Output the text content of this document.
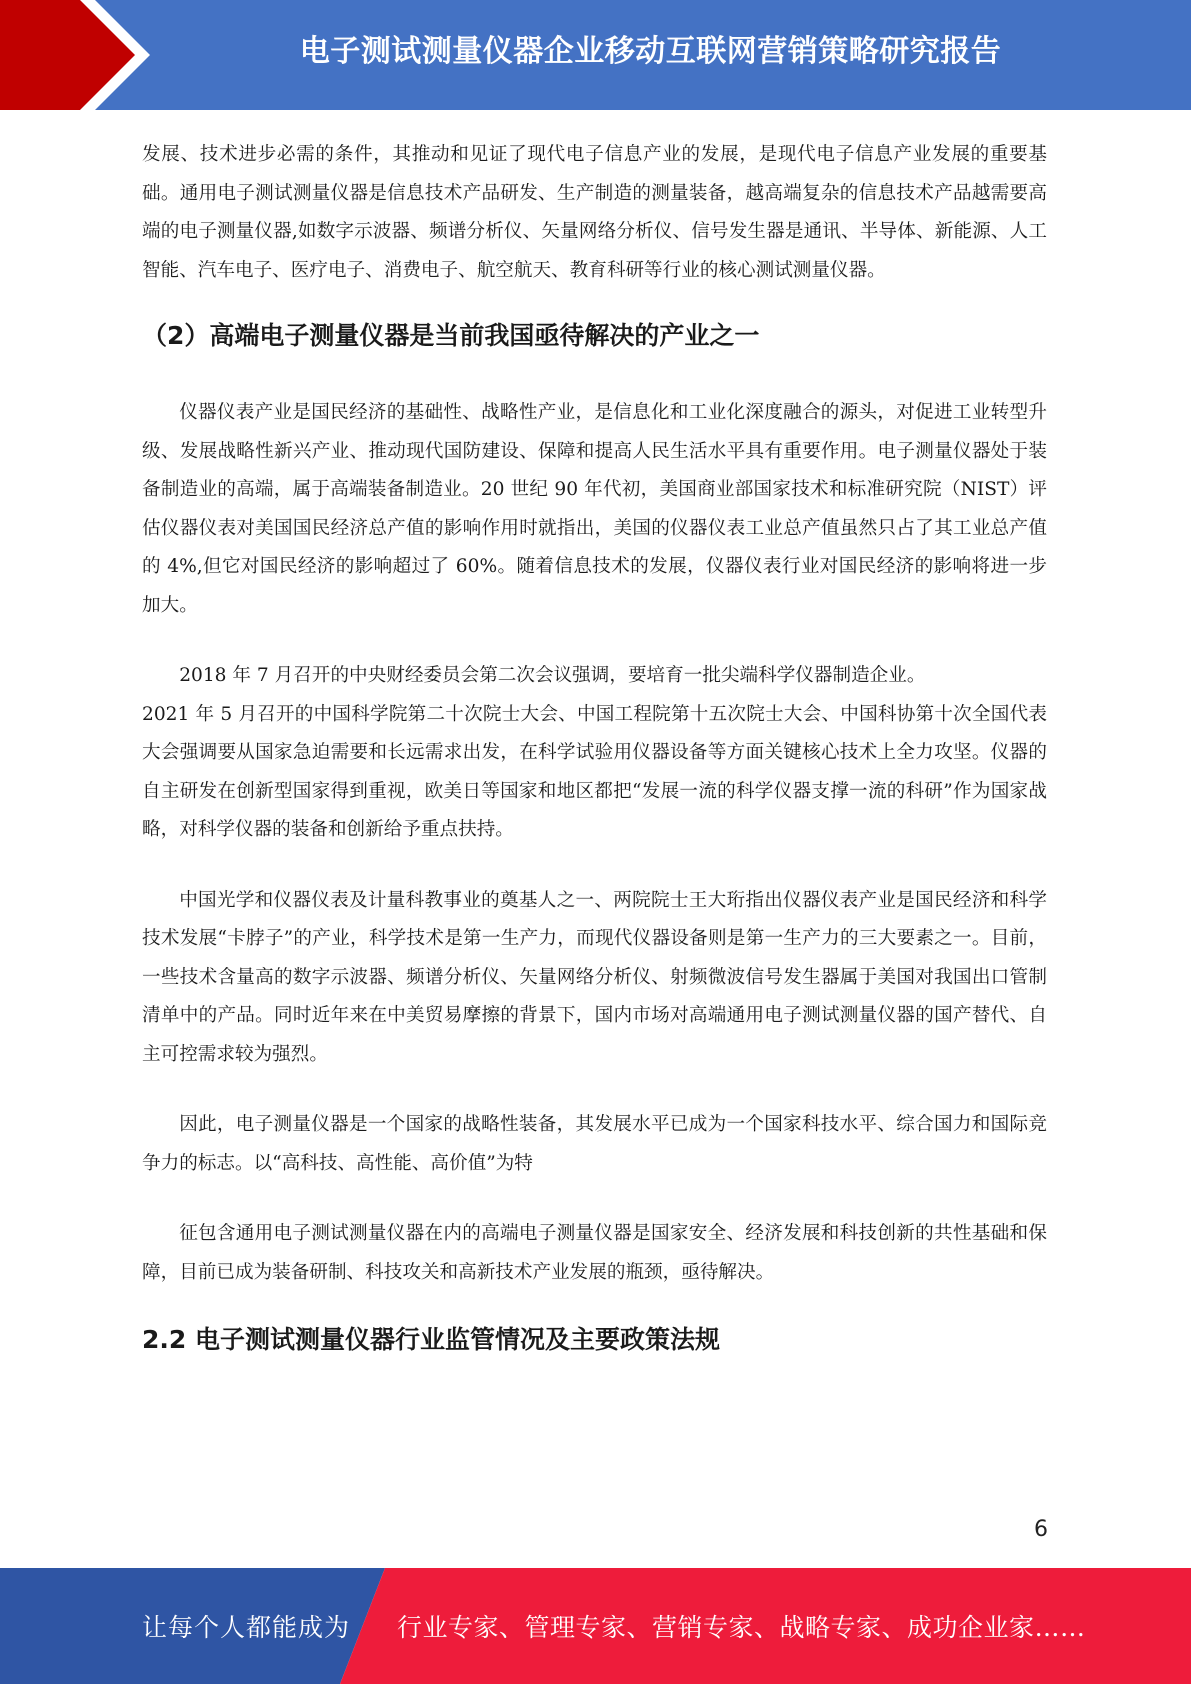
电子测试测量仪器企业移动互联网营销策略研究报告

发展、技术进步必需的条件，其推动和见证了现代电子信息产业的发展，是现代电子信息产业发展的重要基础。通用电子测试测量仪器是信息技术产品研发、生产制造的测量装备，越高端复杂的信息技术产品越需要高端的电子测量仪器,如数字示波器、频谱分析仪、矢量网络分析仪、信号发生器是通讯、半导体、新能源、人工智能、汽车电子、医疗电子、消费电子、航空航天、教育科研等行业的核心测试测量仪器。

（2）高端电子测量仪器是当前我国亟待解决的产业之一

仪器仪表产业是国民经济的基础性、战略性产业，是信息化和工业化深度融合的源头，对促进工业转型升级、发展战略性新兴产业、推动现代国防建设、保障和提高人民生活水平具有重要作用。电子测量仪器处于装备制造业的高端，属于高端装备制造业。20 世纪 90 年代初，美国商业部国家技术和标准研究院（NIST）评估仪器仪表对美国国民经济总产值的影响作用时就指出，美国的仪器仪表工业总产值虽然只占了其工业总产值的 4%,但它对国民经济的影响超过了 60%。随着信息技术的发展，仪器仪表行业对国民经济的影响将进一步加大。

2018 年 7 月召开的中央财经委员会第二次会议强调，要培育一批尖端科学仪器制造企业。

2021 年 5 月召开的中国科学院第二十次院士大会、中国工程院第十五次院士大会、中国科协第十次全国代表大会强调要从国家急迫需要和长远需求出发，在科学试验用仪器设备等方面关键核心技术上全力攻坚。仪器的自主研发在创新型国家得到重视，欧美日等国家和地区都把“发展一流的科学仪器支撑一流的科研”作为国家战略，对科学仪器的装备和创新给予重点扶持。

中国光学和仪器仪表及计量科教事业的奠基人之一、两院院士王大珩指出仪器仪表产业是国民经济和科学技术发展“卡脖子”的产业，科学技术是第一生产力，而现代仪器设备则是第一生产力的三大要素之一。目前，一些技术含量高的数字示波器、频谱分析仪、矢量网络分析仪、射频微波信号发生器属于美国对我国出口管制清单中的产品。同时近年来在中美贸易摩擦的背景下，国内市场对高端通用电子测试测量仪器的国产替代、自主可控需求较为强烈。

因此，电子测量仪器是一个国家的战略性装备，其发展水平已成为一个国家科技水平、综合国力和国际竞争力的标志。以“高科技、高性能、高价值”为特

征包含通用电子测试测量仪器在内的高端电子测量仪器是国家安全、经济发展和科技创新的共性基础和保障，目前已成为装备研制、科技攻关和高新技术产业发展的瓶颈，亟待解决。

2.2 电子测试测量仪器行业监管情况及主要政策法规
6
让每个人都能成为 行业专家、管理专家、营销专家、战略专家、成功企业家……
